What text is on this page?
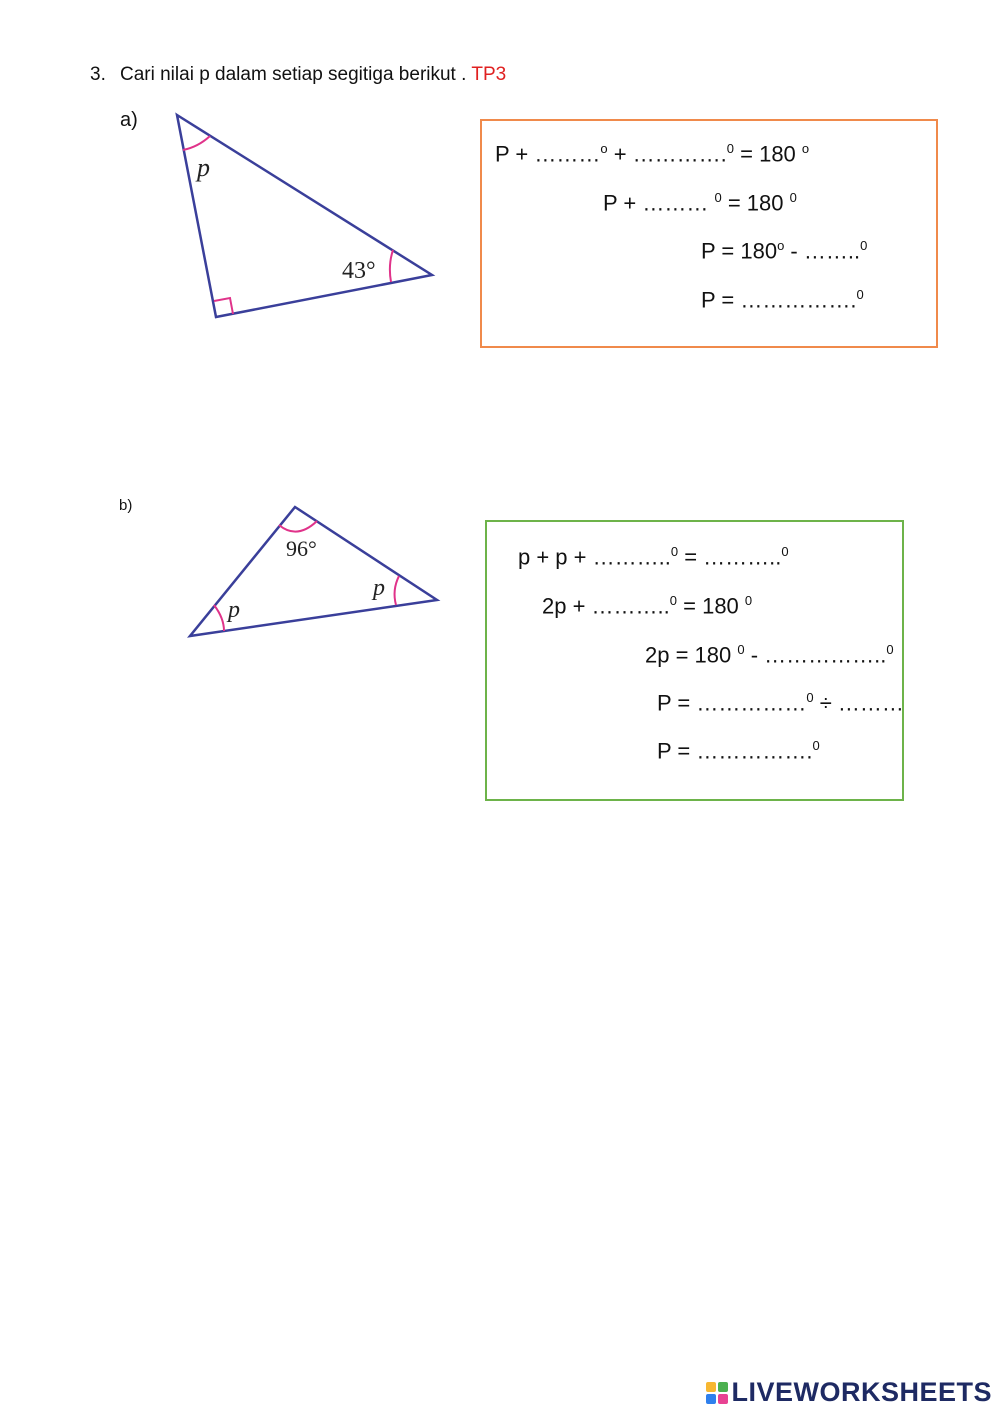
3. Cari nilai p dalam setiap segitiga berikut . TP3
a)
p
43°
P + ………$^o$ + ………….$^0$ = 180 $^o$
P + ……… $^0$ = 180 $^0$
$P = 180^o$ - ……..$^0$
P = …………….$^0$
b)
96°
p
p
p + p + ………..$^0$ = ………..$^0$
2p + ………..$^0$ = 180 $^0$
2p = 180 $^0$ - ……………..$^0$
P = ……………$^0$ ÷ ………
P = …………….$^0$
LIVEWORKSHEETS
